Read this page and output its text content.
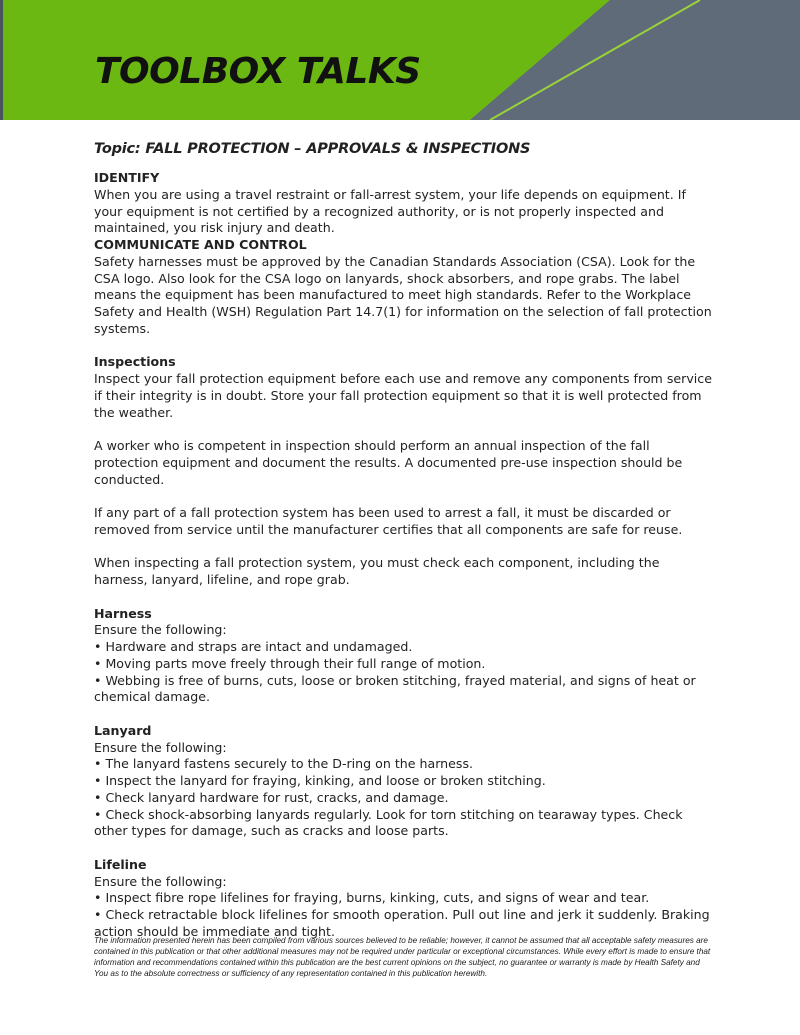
TOOLBOX TALKS

Topic: FALL PROTECTION – APPROVALS & INSPECTIONS

IDENTIFY

When you are using a travel restraint or fall-arrest system, your life depends on equipment. If your equipment is not certified by a recognized authority, or is not properly inspected and maintained, you risk injury and death.

COMMUNICATE AND CONTROL

Safety harnesses must be approved by the Canadian Standards Association (CSA). Look for the CSA logo. Also look for the CSA logo on lanyards, shock absorbers, and rope grabs. The label means the equipment has been manufactured to meet high standards. Refer to the Workplace Safety and Health (WSH) Regulation Part 14.7(1) for information on the selection of fall protection systems.

Inspections

Inspect your fall protection equipment before each use and remove any components from service if their integrity is in doubt. Store your fall protection equipment so that it is well protected from the weather.

A worker who is competent in inspection should perform an annual inspection of the fall protection equipment and document the results. A documented pre-use inspection should be conducted.

If any part of a fall protection system has been used to arrest a fall, it must be discarded or removed from service until the manufacturer certifies that all components are safe for reuse.

When inspecting a fall protection system, you must check each component, including the harness, lanyard, lifeline, and rope grab.

Harness

Ensure the following:

• Hardware and straps are intact and undamaged.
• Moving parts move freely through their full range of motion.
• Webbing is free of burns, cuts, loose or broken stitching, frayed material, and signs of heat or chemical damage.

Lanyard

Ensure the following:

• The lanyard fastens securely to the D-ring on the harness.
• Inspect the lanyard for fraying, kinking, and loose or broken stitching.
• Check lanyard hardware for rust, cracks, and damage.
• Check shock-absorbing lanyards regularly. Look for torn stitching on tearaway types. Check other types for damage, such as cracks and loose parts.

Lifeline

Ensure the following:

• Inspect fibre rope lifelines for fraying, burns, kinking, cuts, and signs of wear and tear.
• Check retractable block lifelines for smooth operation. Pull out line and jerk it suddenly. Braking action should be immediate and tight.

The information presented herein has been compiled from various sources believed to be reliable; however, it cannot be assumed that all acceptable safety measures are contained in this publication or that other additional measures may not be required under particular or exceptional circumstances. While every effort is made to ensure that information and recommendations contained within this publication are the best current opinions on the subject, no guarantee or warranty is made by Health Safety and You as to the absolute correctness or sufficiency of any representation contained in this publication herewith.
